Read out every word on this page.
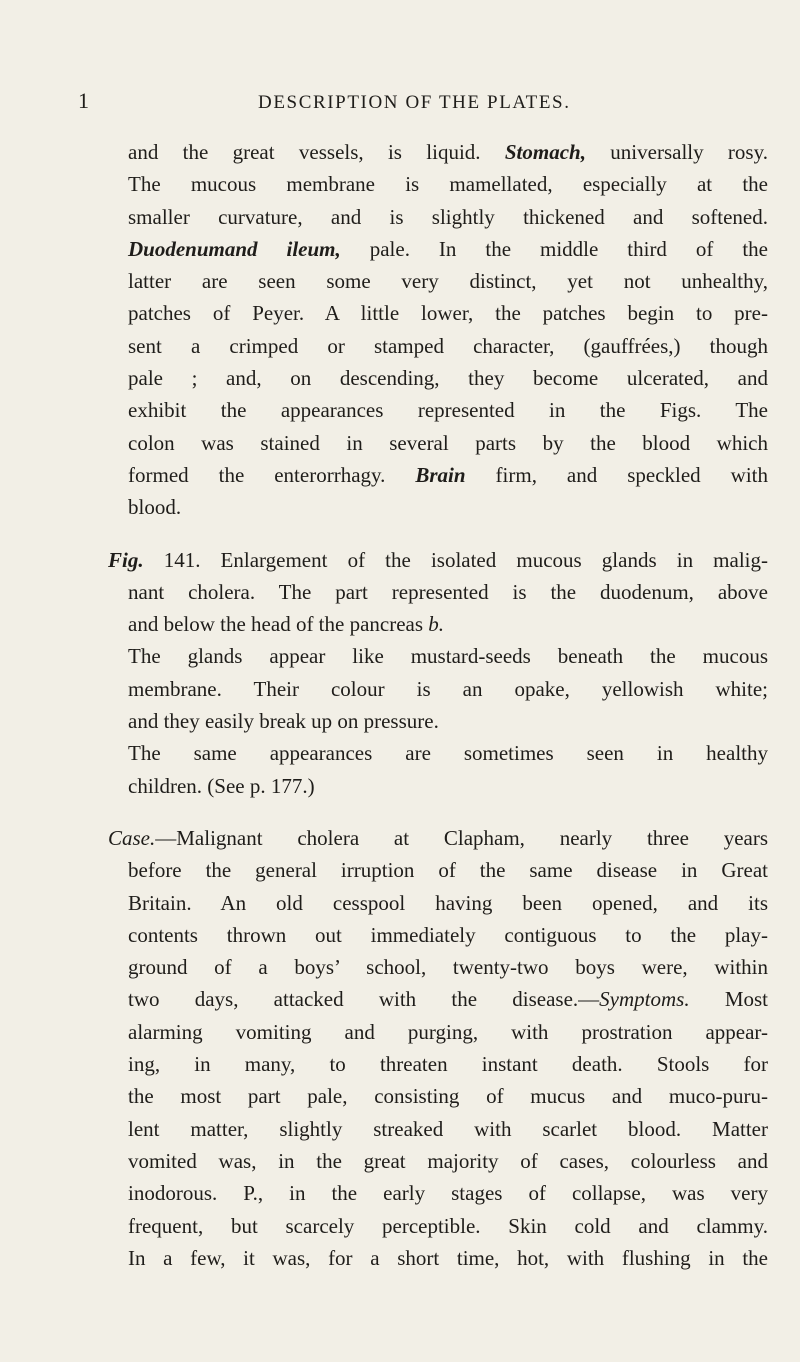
1	DESCRIPTION OF THE PLATES.
and the great vessels, is liquid. Stomach, universally rosy.
The mucous membrane is mamellated, especially at the
smaller curvature, and is slightly thickened and softened.
Duodenumand ileum, pale. In the middle third of the
latter are seen some very distinct, yet not unhealthy,
patches of Peyer. A little lower, the patches begin to pre-
sent a crimped or stamped character, (gauffrées,) though
pale ; and, on descending, they become ulcerated, and
exhibit the appearances represented in the Figs. The
colon was stained in several parts by the blood which
formed the enterorrhagy. Brain firm, and speckled with
blood.
Fig. 141. Enlargement of the isolated mucous glands in malig-
nant cholera. The part represented is the duodenum, above
and below the head of the pancreas b.
The glands appear like mustard-seeds beneath the mucous
membrane. Their colour is an opake, yellowish white;
and they easily break up on pressure.
The same appearances are sometimes seen in healthy
children. (See p. 177.)
Case.—Malignant cholera at Clapham, nearly three years
before the general irruption of the same disease in Great
Britain. An old cesspool having been opened, and its
contents thrown out immediately contiguous to the play-
ground of a boys’ school, twenty-two boys were, within
two days, attacked with the disease.—Symptoms. Most
alarming vomiting and purging, with prostration appear-
ing, in many, to threaten instant death. Stools for
the most part pale, consisting of mucus and muco-puru-
lent matter, slightly streaked with scarlet blood. Matter
vomited was, in the great majority of cases, colourless and
inodorous. P., in the early stages of collapse, was very
frequent, but scarcely perceptible. Skin cold and clammy.
In a few, it was, for a short time, hot, with flushing in the
